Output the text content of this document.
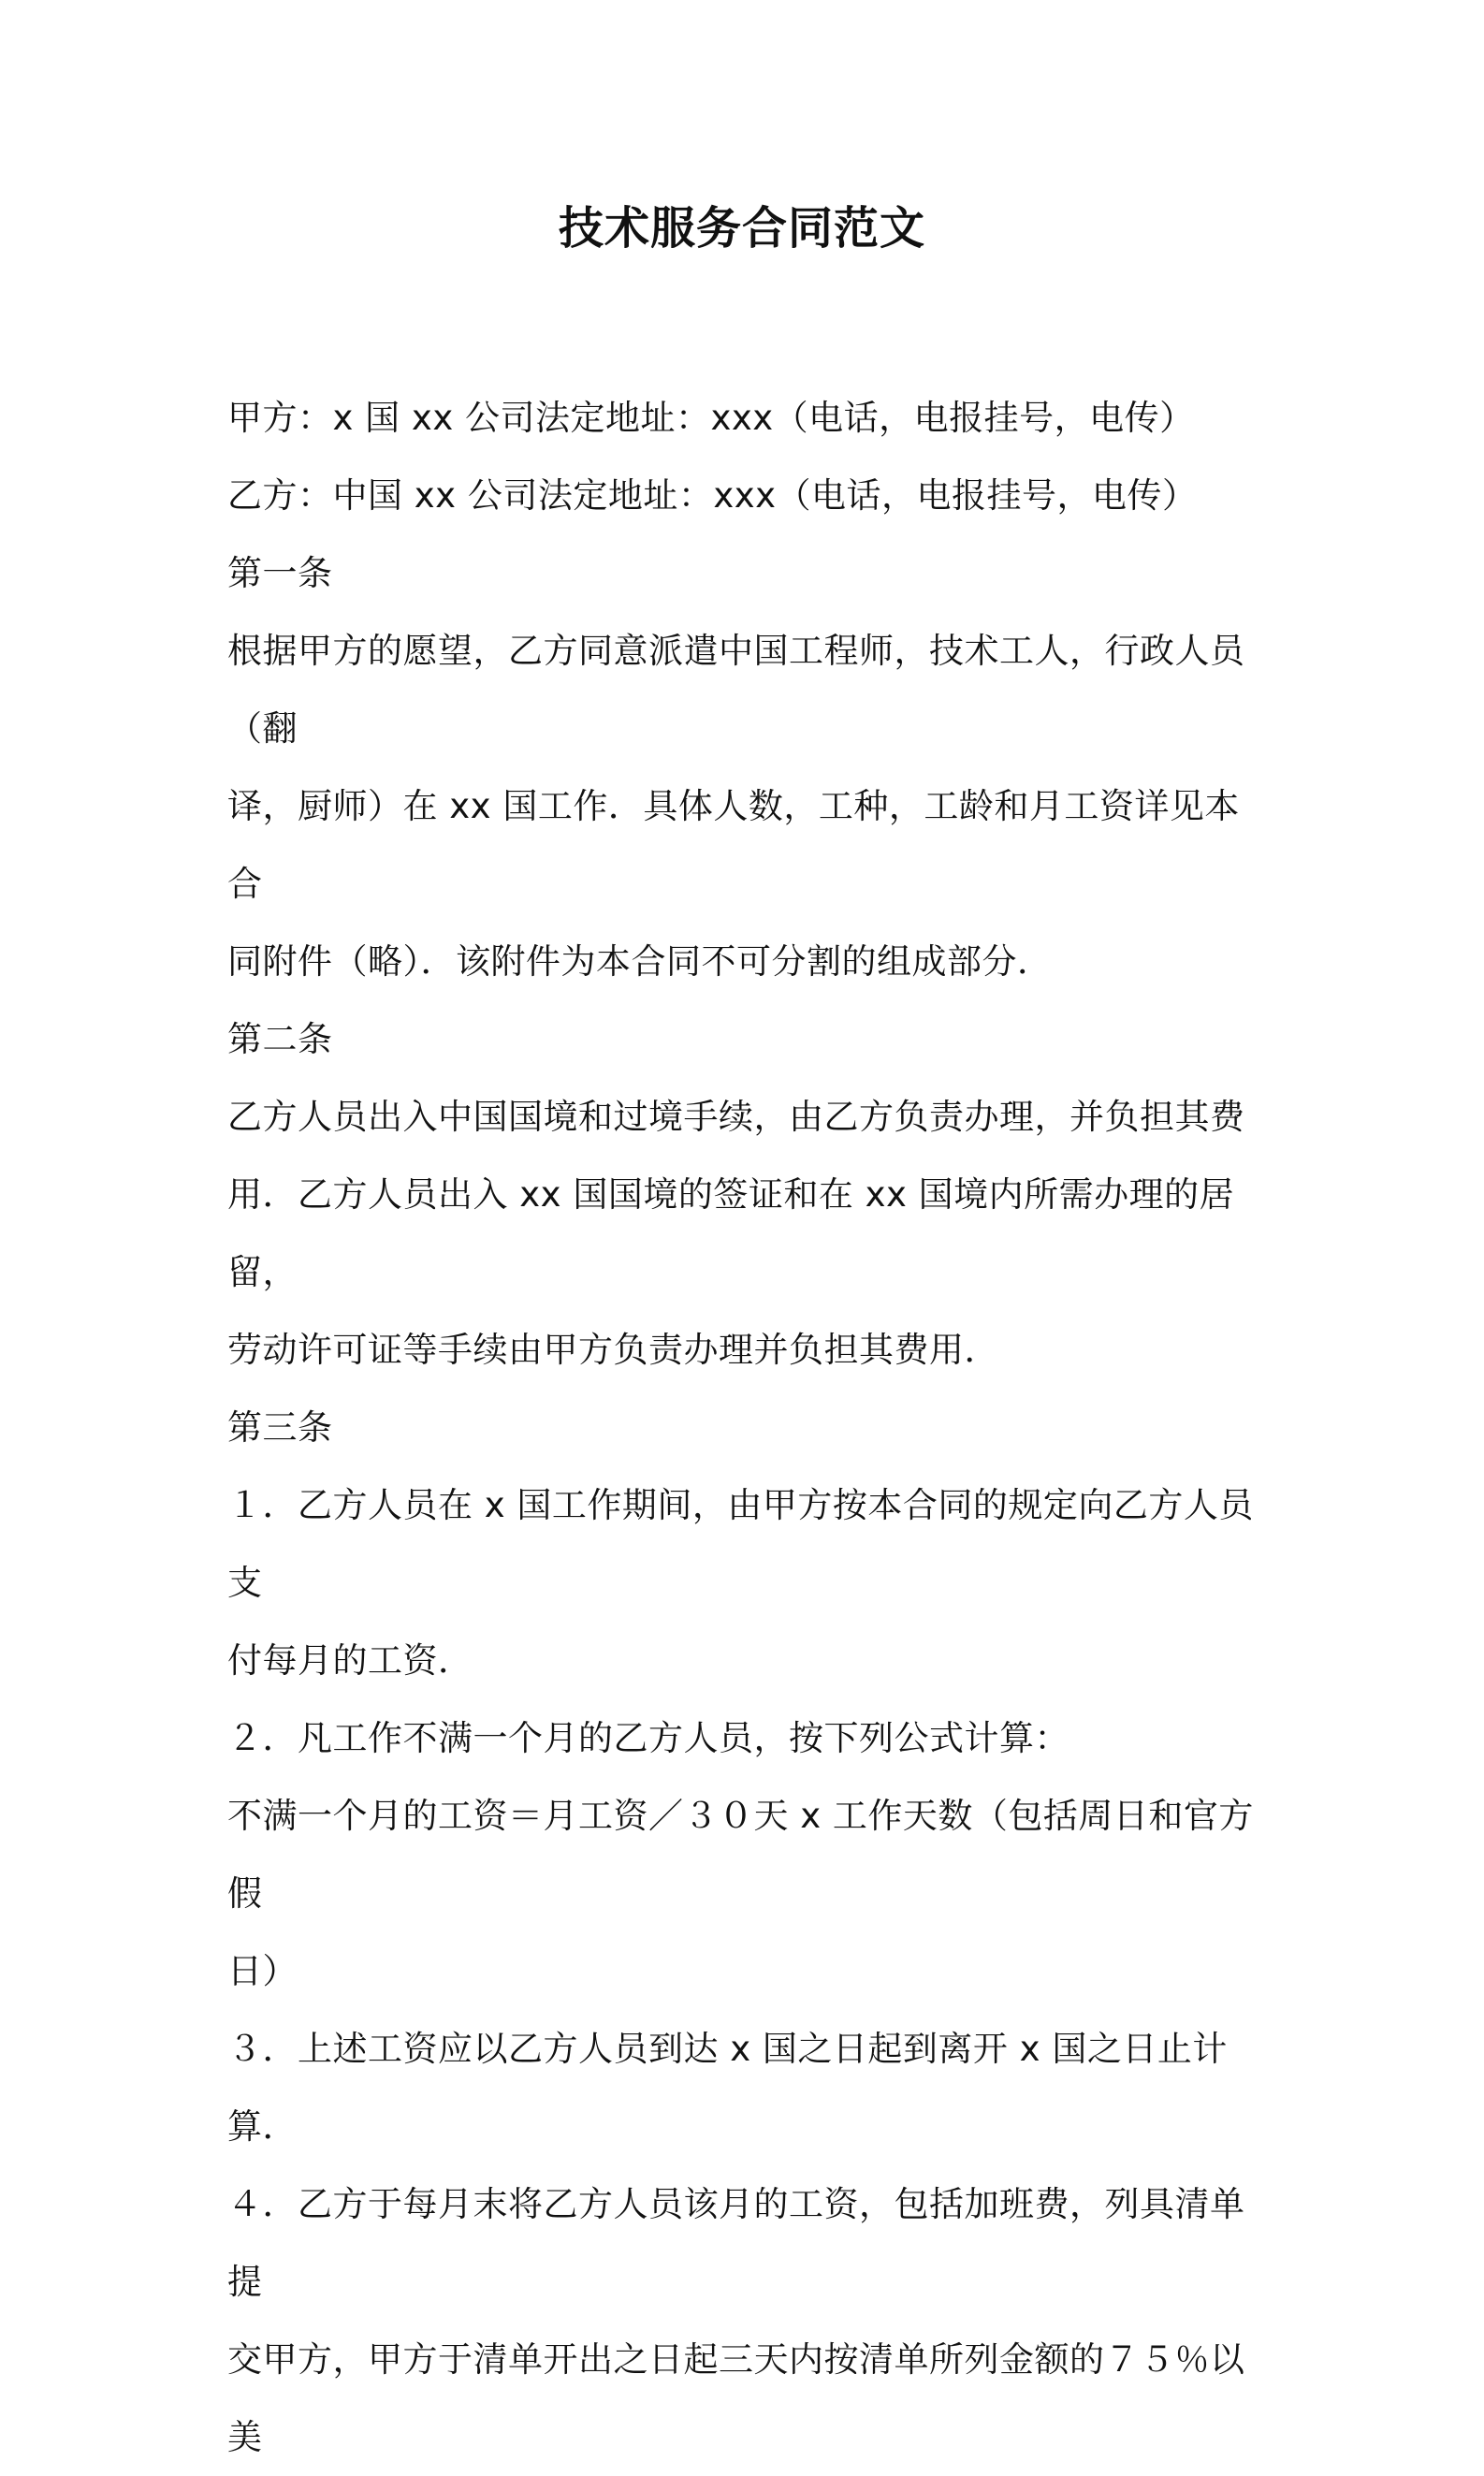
技术服务合同范文

甲方：x 国 xx 公司法定地址：xxx（电话，电报挂号，电传）

乙方：中国 xx 公司法定地址：xxx（电话，电报挂号，电传）

第一条

根据甲方的愿望，乙方同意派遣中国工程师，技术工人，行政人员（翻

译，厨师）在 xx 国工作．具体人数，工种，工龄和月工资详见本合

同附件（略）．该附件为本合同不可分割的组成部分．

第二条

乙方人员出入中国国境和过境手续，由乙方负责办理，并负担其费

用．乙方人员出入 xx 国国境的签证和在 xx 国境内所需办理的居留，

劳动许可证等手续由甲方负责办理并负担其费用．

第三条

１．乙方人员在 x 国工作期间，由甲方按本合同的规定向乙方人员支

付每月的工资．

２．凡工作不满一个月的乙方人员，按下列公式计算：

不满一个月的工资＝月工资／３０天 x 工作天数（包括周日和官方假

日）

３．上述工资应以乙方人员到达 x 国之日起到离开 x 国之日止计算．

４．乙方于每月末将乙方人员该月的工资，包括加班费，列具清单提

交甲方，甲方于清单开出之日起三天内按清单所列金额的７５％以美
